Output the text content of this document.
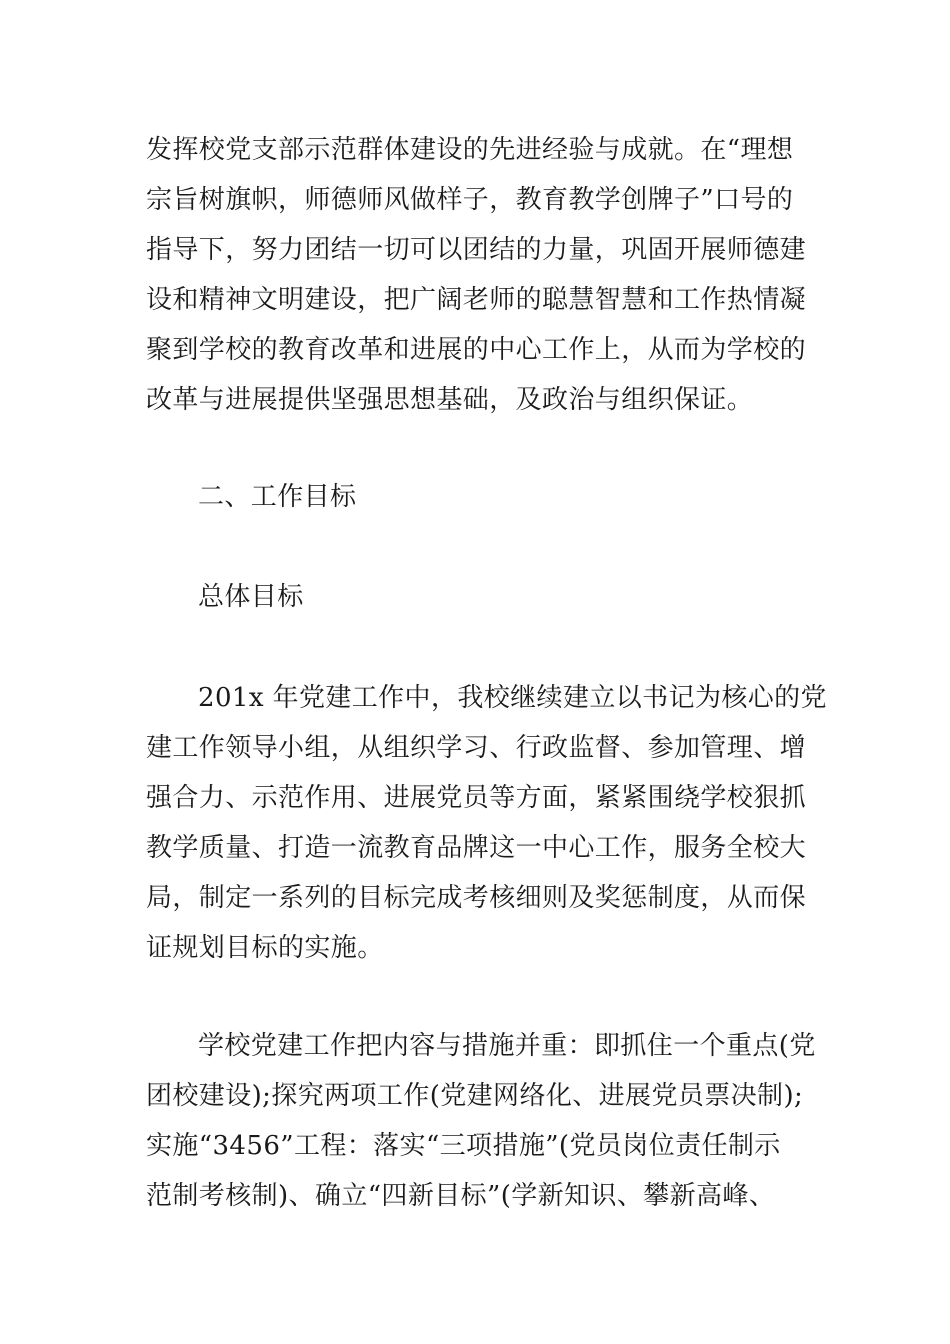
发挥校党支部示范群体建设的先进经验与成就。在“理想
宗旨树旗帜，师德师风做样子，教育教学创牌子”口号的
指导下，努力团结一切可以团结的力量，巩固开展师德建
设和精神文明建设，把广阔老师的聪慧智慧和工作热情凝
聚到学校的教育改革和进展的中心工作上，从而为学校的
改革与进展提供坚强思想基础，及政治与组织保证。
二、工作目标
总体目标
201x 年党建工作中，我校继续建立以书记为核心的党
建工作领导小组，从组织学习、行政监督、参加管理、增
强合力、示范作用、进展党员等方面，紧紧围绕学校狠抓
教学质量、打造一流教育品牌这一中心工作，服务全校大
局，制定一系列的目标完成考核细则及奖惩制度，从而保
证规划目标的实施。
学校党建工作把内容与措施并重：即抓住一个重点(党
团校建设);探究两项工作(党建网络化、进展党员票决制);
实施“3456”工程：落实“三项措施”(党员岗位责任制示
范制考核制)、确立“四新目标”(学新知识、攀新高峰、
